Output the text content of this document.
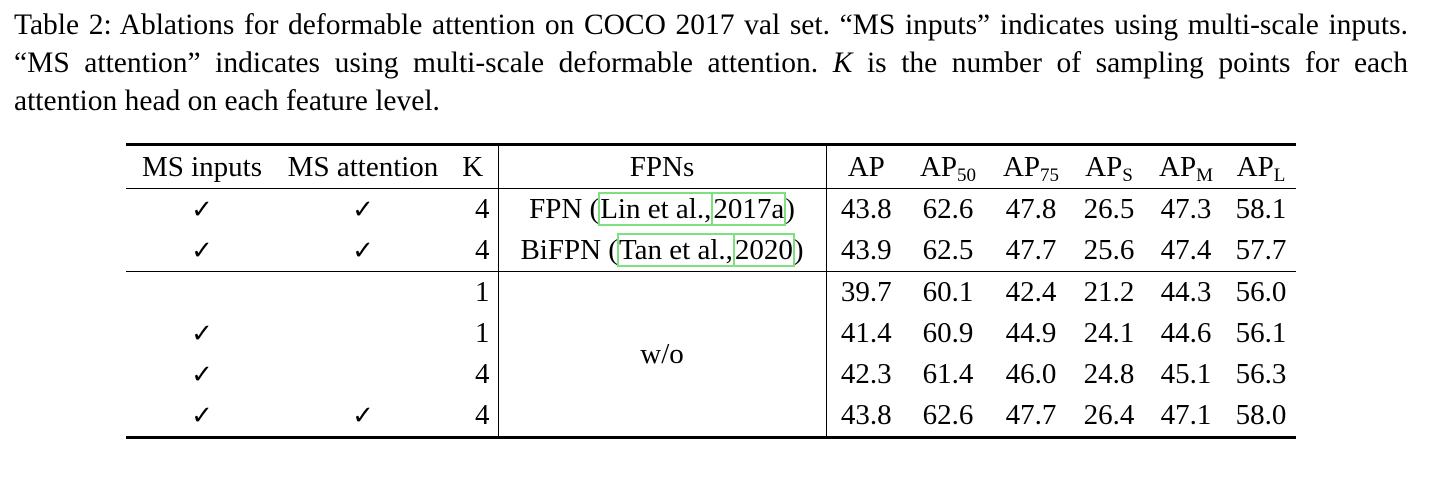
Table 2: Ablations for deformable attention on COCO 2017 val set. “MS inputs” indicates using multi-scale inputs. “MS attention” indicates using multi-scale deformable attention. K is the number of sampling points for each attention head on each feature level.

MS inputs	MS attention	K	FPNs	AP	$AP_{50}$	$AP_{75}$	$AP_S$	$AP_M$	$AP_L$
✓	✓	4	FPN (Lin et al.,2017a)	43.8	62.6	47.8	26.5	47.3	58.1
✓	✓	4	BiFPN (Tan et al.,2020)	43.9	62.5	47.7	25.6	47.4	57.7
		1	w/o	39.7	60.1	42.4	21.2	44.3	56.0
✓		1		41.4	60.9	44.9	24.1	44.6	56.1
✓		4		42.3	61.4	46.0	24.8	45.1	56.3
✓	✓	4		43.8	62.6	47.7	26.4	47.1	58.0
